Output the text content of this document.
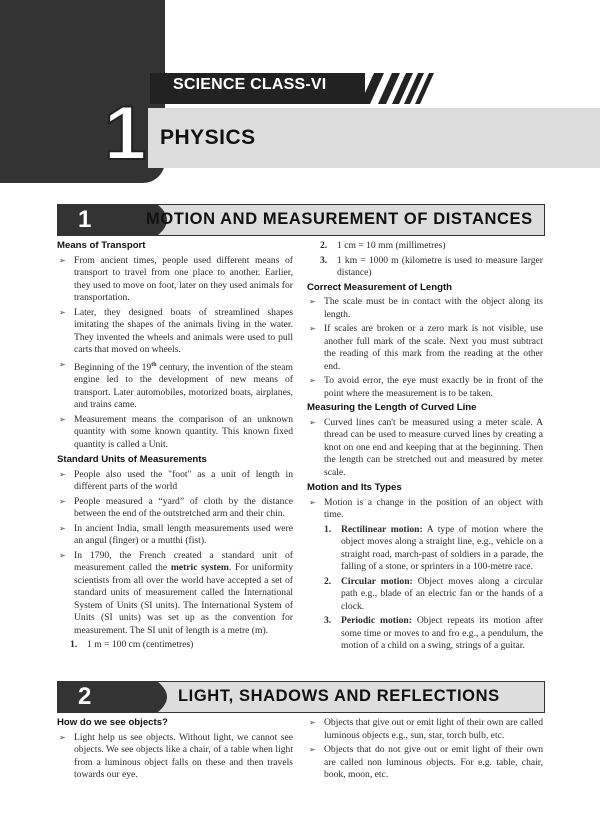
SCIENCE CLASS-VI
1 PHYSICS
1	MOTION AND MEASUREMENT OF DISTANCES
Means of Transport
➢ From ancient times, people used different means of transport to travel from one place to another. Earlier, they used to move on foot, later on they used animals for transportation.
➢ Later, they designed boats of streamlined shapes imitating the shapes of the animals living in the water. They invented the wheels and animals were used to pull carts that moved on wheels.
➢ Beginning of the 19th century, the invention of the steam engine led to the development of new means of transport. Later automobiles, motorized boats, airplanes, and trains came.
➢ Measurement means the comparison of an unknown quantity with some known quantity. This known fixed quantity is called a Unit.
Standard Units of Measurements
➢ People also used the "foot" as a unit of length in different parts of the world
➢ People measured a “yard” of cloth by the distance between the end of the outstretched arm and their chin.
➢ In ancient India, small length measurements used were an angul (finger) or a mutthi (fist).
➢ In 1790, the French created a standard unit of measurement called the metric system. For uniformity scientists from all over the world have accepted a set of standard units of measurement called the International System of Units (SI units). The International System of Units (SI units) was set up as the convention for measurement. The SI unit of length is a metre (m).
1. 1 m = 100 cm (centimetres)
2. 1 cm = 10 mm (millimetres)
3. 1 km = 1000 m (kilometre is used to measure larger distance)
Correct Measurement of Length
➢ The scale must be in contact with the object along its length.
➢ If scales are broken or a zero mark is not visible, use another full mark of the scale. Next you must subtract the reading of this mark from the reading at the other end.
➢ To avoid error, the eye must exactly be in front of the point where the measurement is to be taken.
Measuring the Length of Curved Line
➢ Curved lines can't be measured using a meter scale. A thread can be used to measure curved lines by creating a knot on one end and keeping that at the beginning. Then the length can be stretched out and measured by meter scale.
Motion and Its Types
➢ Motion is a change in the position of an object with time.
1. Rectilinear motion: A type of motion where the object moves along a straight line, e.g., vehicle on a straight road, march-past of soldiers in a parade, the falling of a stone, or sprinters in a 100-metre race.
2. Circular motion: Object moves along a circular path e.g., blade of an electric fan or the hands of a clock.
3. Periodic motion: Object repeats its motion after some time or moves to and fro e.g., a pendulum, the motion of a child on a swing, strings of a guitar.
2	LIGHT, SHADOWS AND REFLECTIONS
How do we see objects?
➢ Light help us see objects. Without light, we cannot see objects. We see objects like a chair, of a table when light from a luminous object falls on these and then travels towards our eye.
➢ Objects that give out or emit light of their own are called luminous objects e.g., sun, star, torch bulb, etc.
➢ Objects that do not give out or emit light of their own are called non luminous objects. For e.g. table, chair, book, moon, etc.
